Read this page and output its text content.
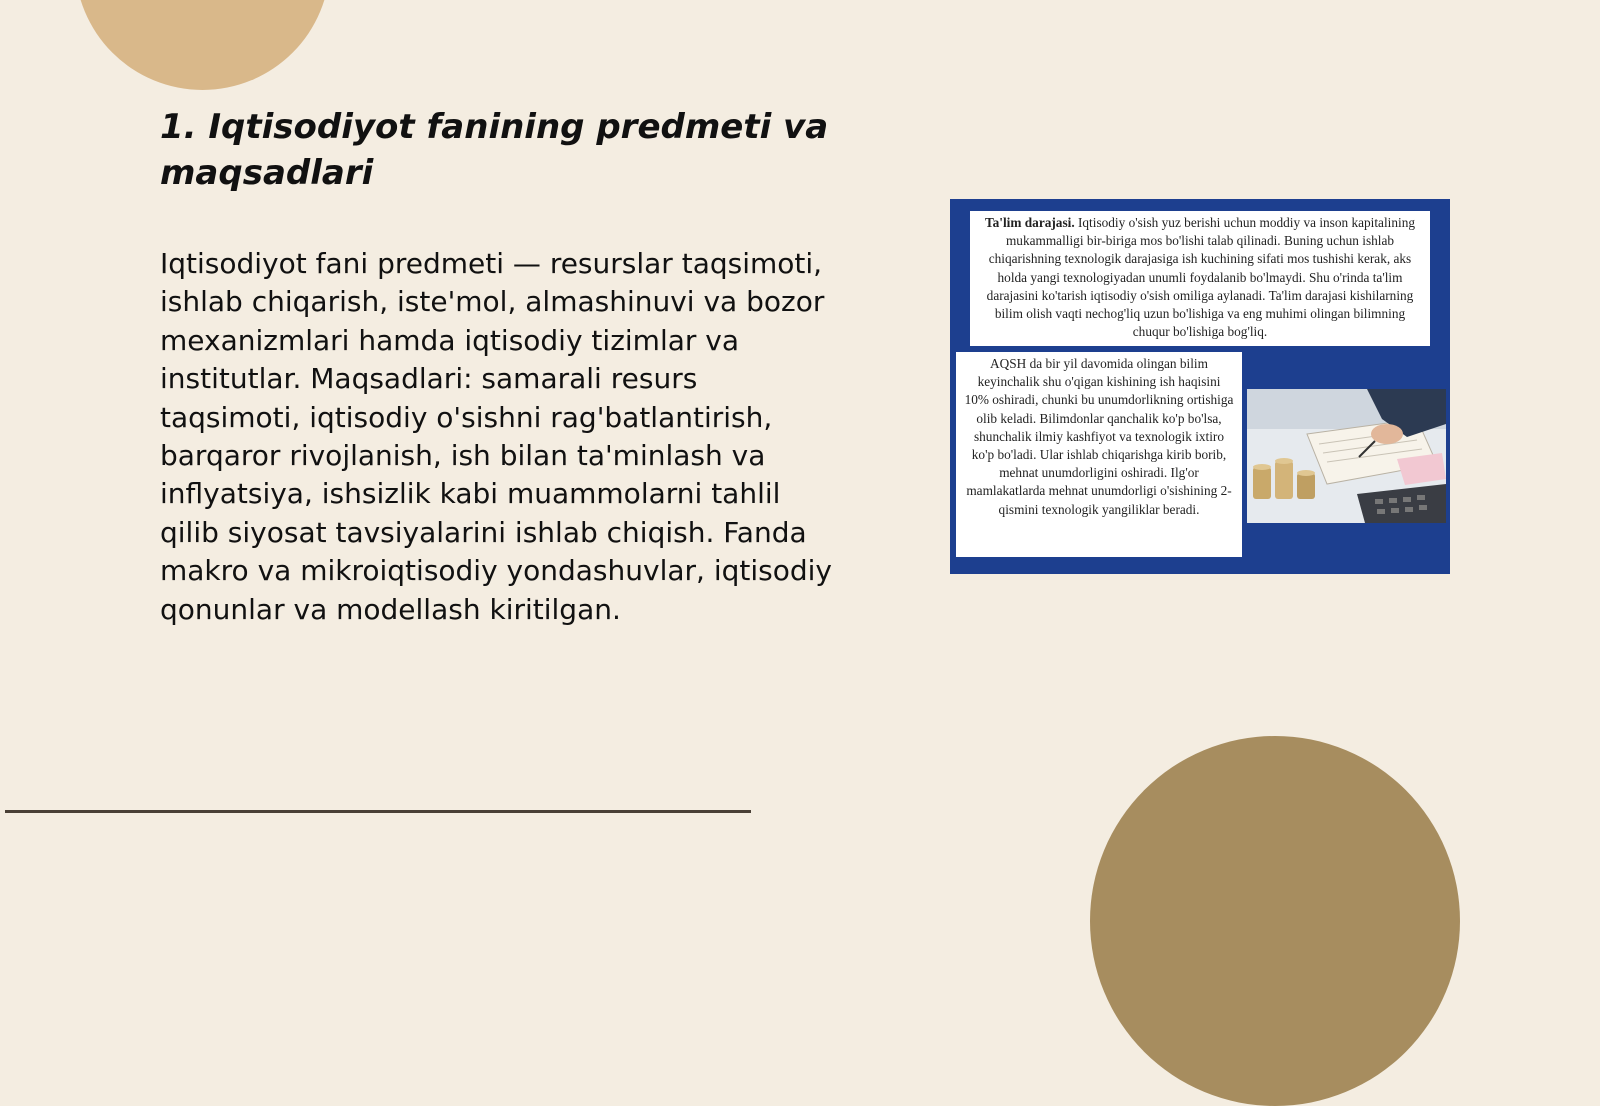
1. Iqtisodiyot fanining predmeti va maqsadlari

Iqtisodiyot fani predmeti — resurslar taqsimoti, ishlab chiqarish, iste'mol, almashinuvi va bozor mexanizmlari hamda iqtisodiy tizimlar va institutlar. Maqsadlari: samarali resurs taqsimoti, iqtisodiy o'sishni rag'batlantirish, barqaror rivojlanish, ish bilan ta'minlash va inflyatsiya, ishsizlik kabi muammolarni tahlil qilib siyosat tavsiyalarini ishlab chiqish. Fanda makro va mikroiqtisodiy yondashuvlar, iqtisodiy qonunlar va modellash kiritilgan.

Ta'lim darajasi. Iqtisodiy o'sish yuz berishi uchun moddiy va inson kapitalining mukammalligi bir-biriga mos bo'lishi talab qilinadi. Buning uchun ishlab chiqarishning texnologik darajasiga ish kuchining sifati mos tushishi kerak, aks holda yangi texnologiyadan unumli foydalanib bo'lmaydi. Shu o'rinda ta'lim darajasini ko'tarish iqtisodiy o'sish omiliga aylanadi. Ta'lim darajasi kishilarning bilim olish vaqti nechog'liq uzun bo'lishiga va eng muhimi olingan bilimning chuqur bo'lishiga bog'liq.
AQSH da bir yil davomida olingan bilim keyinchalik shu o'qigan kishining ish haqisini 10% oshiradi, chunki bu unumdorlikning ortishiga olib keladi. Bilimdonlar qanchalik ko'p bo'lsa, shunchalik ilmiy kashfiyot va texnologik ixtiro ko'p bo'ladi. Ular ishlab chiqarishga kirib borib, mehnat unumdorligini oshiradi. Ilg'or mamlakatlarda mehnat unumdorligi o'sishining 2- qismini texnologik yangiliklar beradi.
